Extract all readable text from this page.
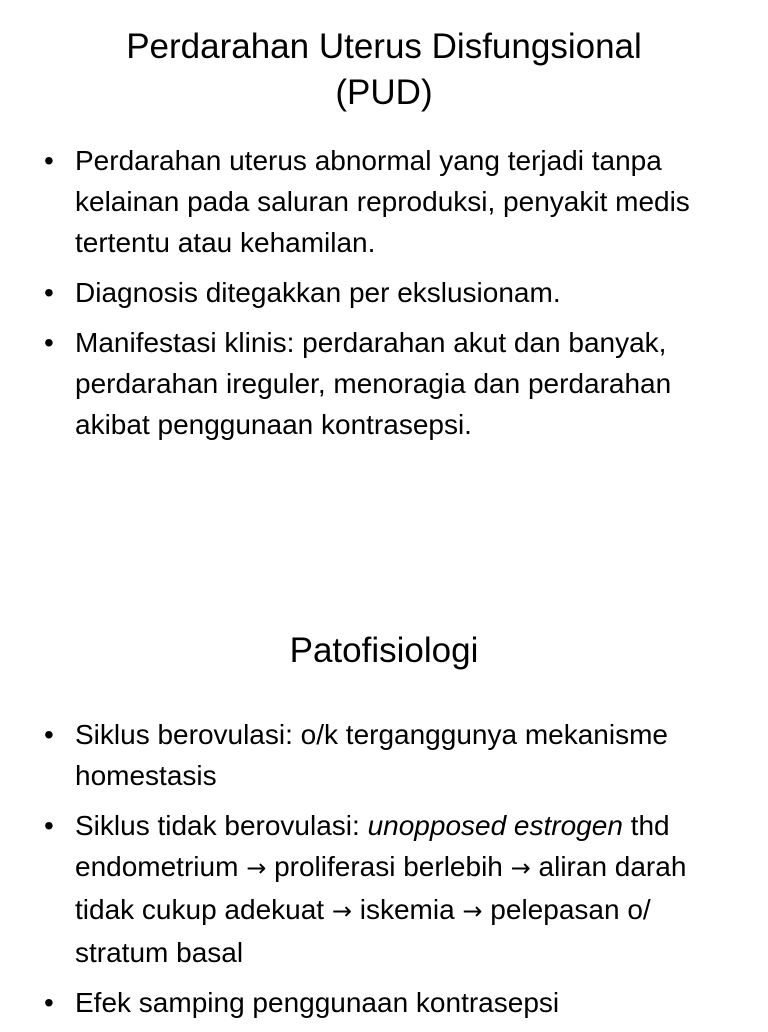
Perdarahan Uterus Disfungsional
(PUD)
• Perdarahan uterus abnormal yang terjadi tanpa kelainan pada saluran reproduksi, penyakit medis tertentu atau kehamilan.
• Diagnosis ditegakkan per ekslusionam.
• Manifestasi klinis: perdarahan akut dan banyak, perdarahan ireguler, menoragia dan perdarahan akibat penggunaan kontrasepsi.
Patofisiologi
• Siklus berovulasi: o/k terganggunya mekanisme homestasis
• Siklus tidak berovulasi: unopposed estrogen thd endometrium → proliferasi berlebih → aliran darah tidak cukup adekuat → iskemia → pelepasan o/ stratum basal
• Efek samping penggunaan kontrasepsi
